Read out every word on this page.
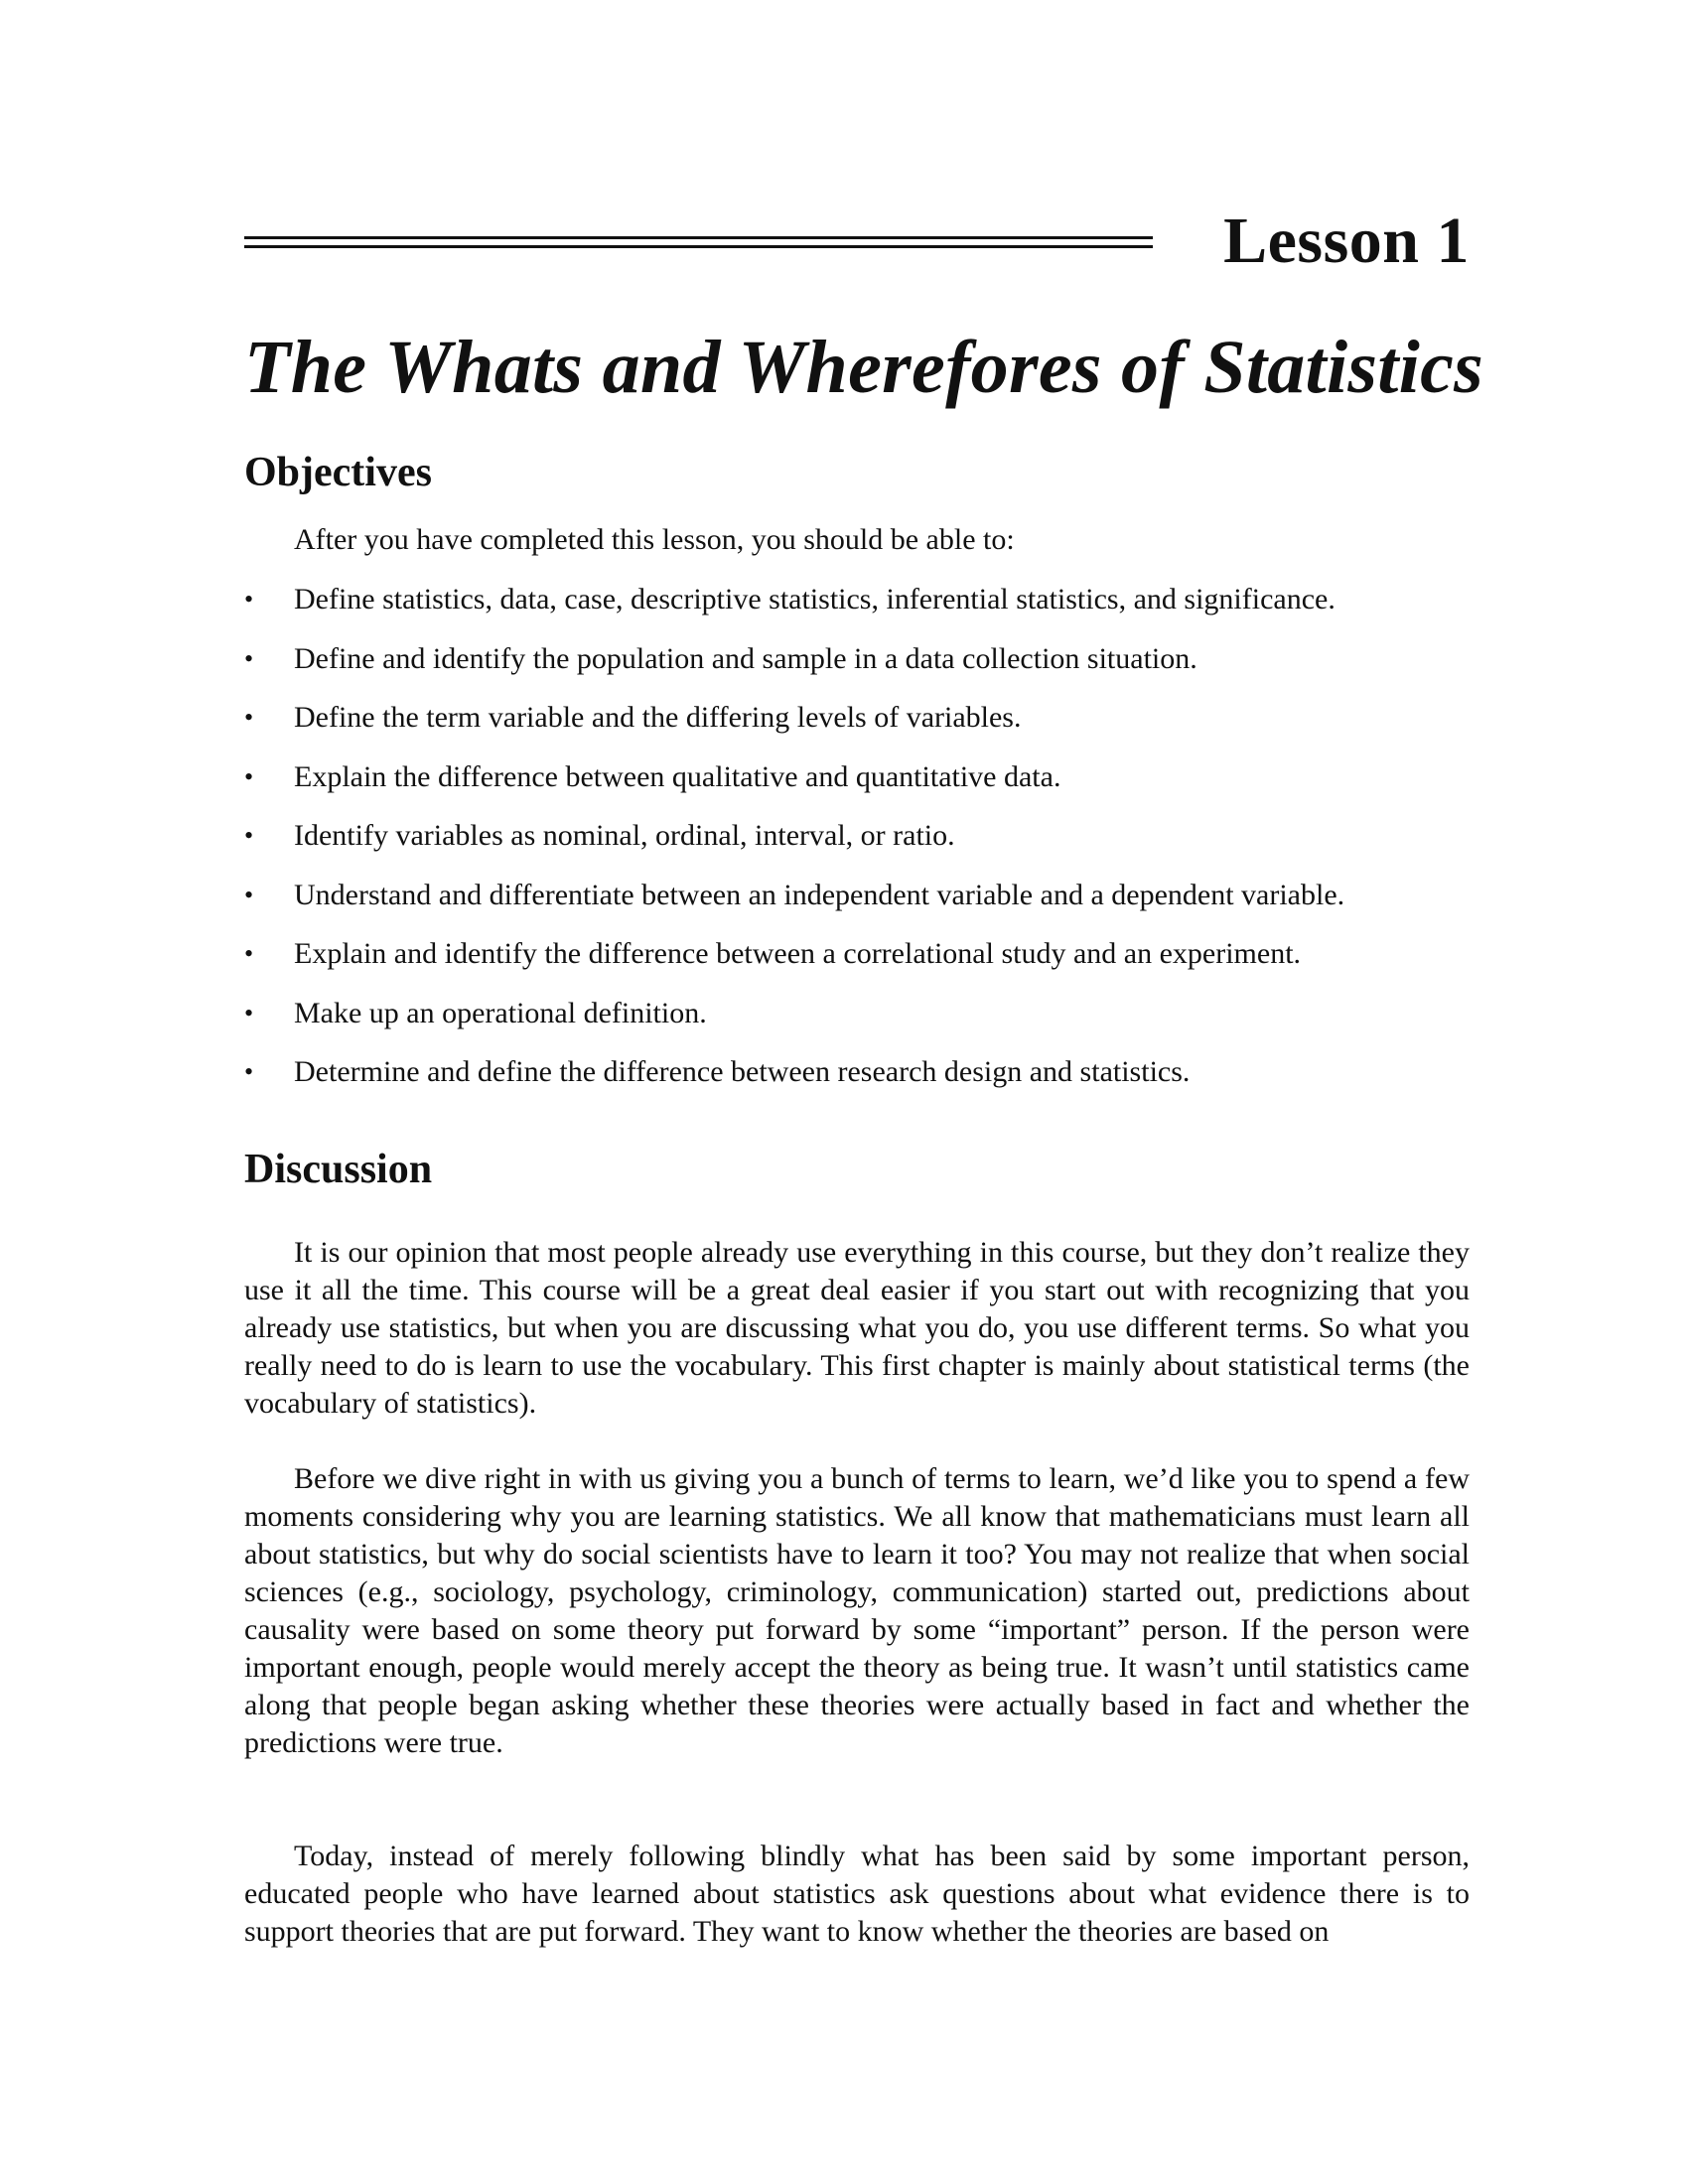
Lesson 1
The Whats and Wherefores of Statistics
Objectives
After you have completed this lesson, you should be able to:
•	Define statistics, data, case, descriptive statistics, inferential statistics, and significance.
•	Define and identify the population and sample in a data collection situation.
•	Define the term variable and the differing levels of variables.
•	Explain the difference between qualitative and quantitative data.
•	Identify variables as nominal, ordinal, interval, or ratio.
•	Understand and differentiate between an independent variable and a dependent variable.
•	Explain and identify the difference between a correlational study and an experiment.
•	Make up an operational definition.
•	Determine and define the difference between research design and statistics.
Discussion

It is our opinion that most people already use everything in this course, but they don’t realize they use it all the time. This course will be a great deal easier if you start out with recognizing that you already use statistics, but when you are discussing what you do, you use different terms. So what you really need to do is learn to use the vocabulary. This first chapter is mainly about statistical terms (the vocabulary of statistics).

Before we dive right in with us giving you a bunch of terms to learn, we’d like you to spend a few moments considering why you are learning statistics. We all know that mathematicians must learn all about statistics, but why do social scientists have to learn it too? You may not realize that when social sciences (e.g., sociology, psychology, criminology, communication) started out, predictions about causality were based on some theory put forward by some “important” person. If the person were important enough, people would merely accept the theory as being true. It wasn’t until statistics came along that people began asking whether these theories were actually based in fact and whether the predictions were true.

Today, instead of merely following blindly what has been said by some important person, educated people who have learned about statistics ask questions about what evidence there is to support theories that are put forward. They want to know whether the theories are based on
